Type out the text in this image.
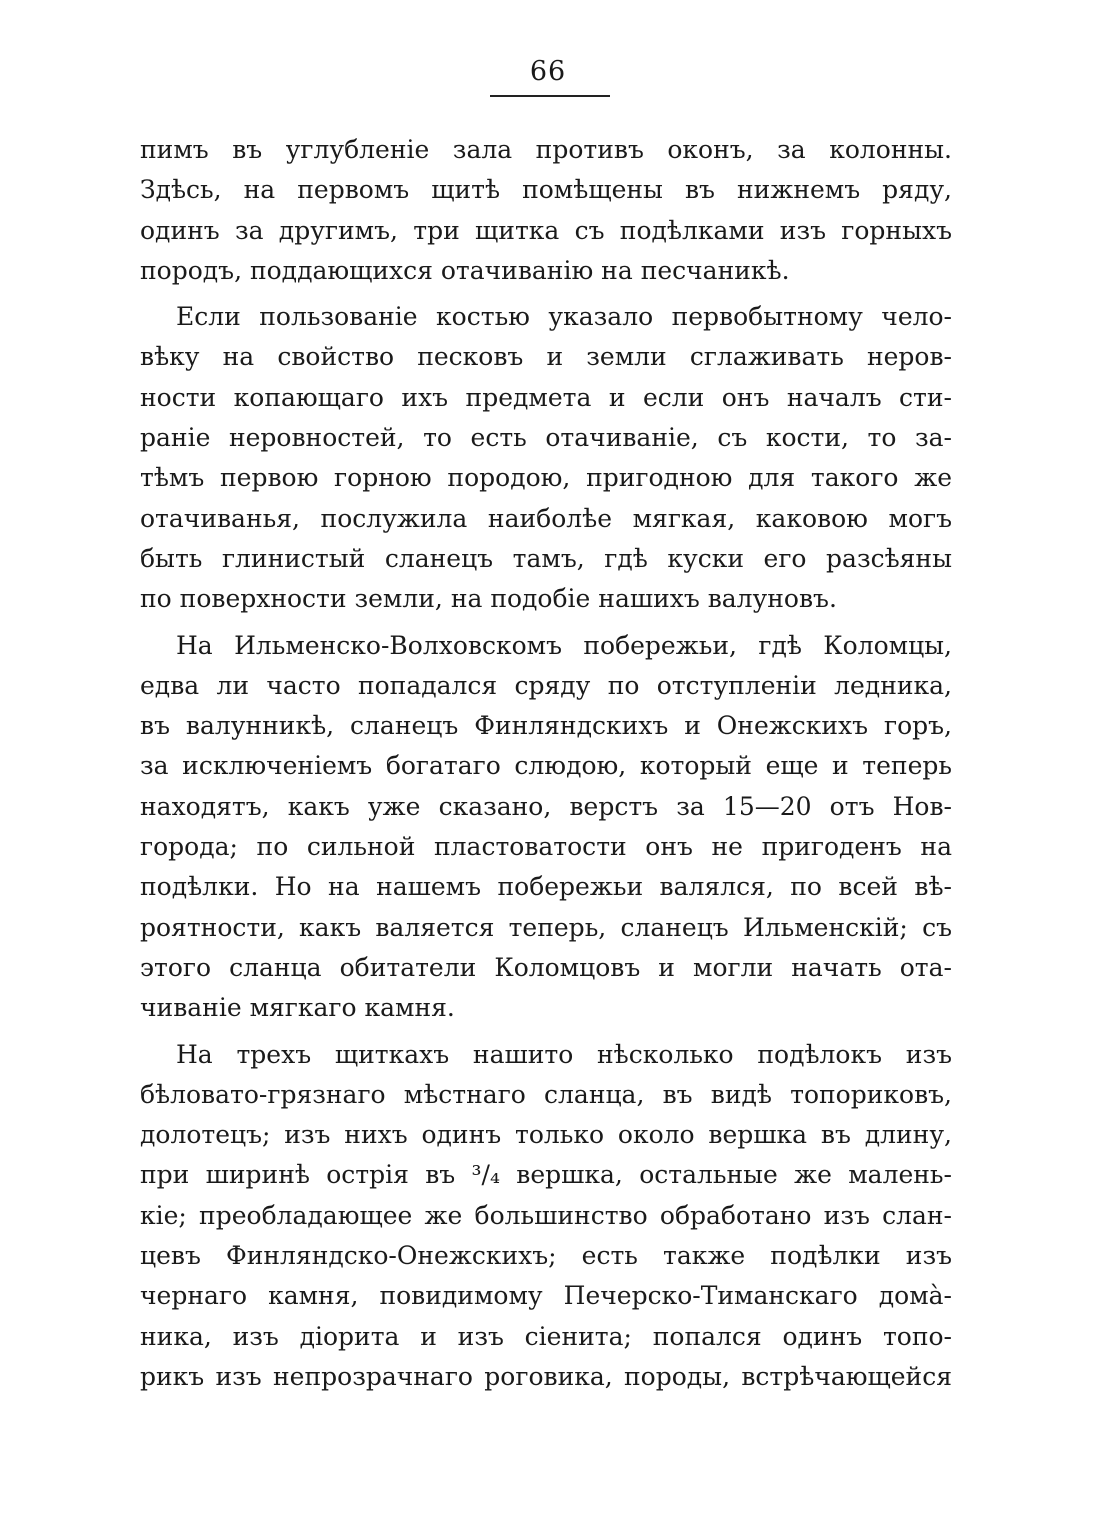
66
пимъ въ углубленіе зала противъ оконъ, за колонны.
Здѣсь, на первомъ щитѣ помѣщены въ нижнемъ ряду,
одинъ за другимъ, три щитка съ подѣлками изъ горныхъ
породъ, поддающихся отачиванію на песчаникѣ.
Если пользованіе костью указало первобытному чело-
вѣку на свойство песковъ и земли сглаживать неров-
ности копающаго ихъ предмета и если онъ началъ сти-
раніе неровностей, то есть отачиваніе, съ кости, то за-
тѣмъ первою горною породою, пригодною для такого же
отачиванья, послужила наиболѣе мягкая, каковою могъ
быть глинистый сланецъ тамъ, гдѣ куски его разсѣяны
по поверхности земли, на подобіе нашихъ валуновъ.
На Ильменско-Волховскомъ побережьи, гдѣ Коломцы,
едва ли часто попадался сряду по отступленіи ледника,
въ валунникѣ, сланецъ Финляндскихъ и Онежскихъ горъ,
за исключеніемъ богатаго слюдою, который еще и теперь
находятъ, какъ уже сказано, верстъ за 15—20 отъ Нов-
города; по сильной пластоватости онъ не пригоденъ на
подѣлки. Но на нашемъ побережьи валялся, по всей вѣ-
роятности, какъ валяется теперь, сланецъ Ильменскій; съ
этого сланца обитатели Коломцовъ и могли начать ота-
чиваніе мягкаго камня.
На трехъ щиткахъ нашито нѣсколько подѣлокъ изъ
бѣловато-грязнаго мѣстнаго сланца, въ видѣ топориковъ,
долотецъ; изъ нихъ одинъ только около вершка въ длину,
при ширинѣ острія въ ³/₄ вершка, остальные же малень-
кіе; преобладающее же большинство обработано изъ слан-
цевъ Финляндско-Онежскихъ; есть также подѣлки изъ
чернаго камня, повидимому Печерско-Тиманскаго домà-
ника, изъ діорита и изъ сіенита; попался одинъ топо-
рикъ изъ непрозрачнаго роговика, породы, встрѣчающейся
